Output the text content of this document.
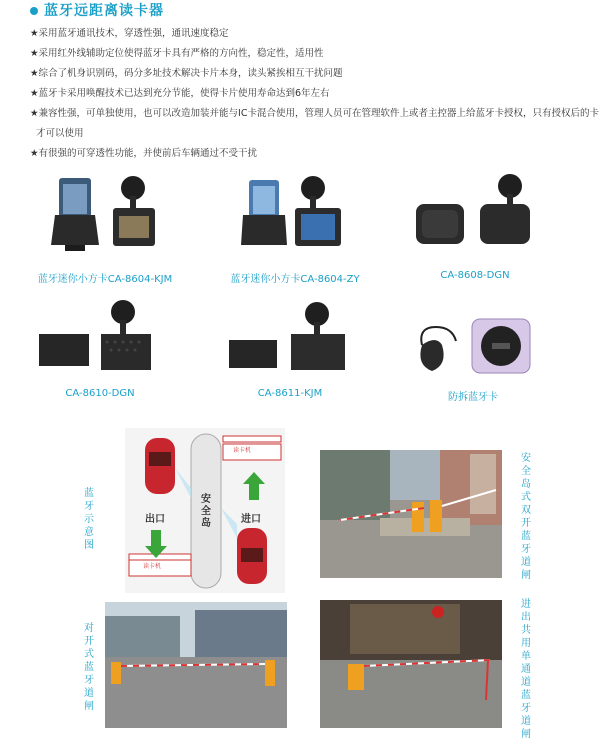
蓝牙远距离读卡器
★采用蓝牙通讯技术，穿透性强，通讯速度稳定
★采用红外线辅助定位使得蓝牙卡具有严格的方向性，稳定性，适用性
★综合了机身识别码，码分多址技术解决卡片本身，读头紧挨相互干扰问题
★蓝牙卡采用唤醒技术已达到充分节能，使得卡片使用寿命达到6年左右
★兼容性强，可单独使用，也可以改造加装并能与IC卡混合使用，管理人员可在管理软件上或者主控器上给蓝牙卡授权，只有授权后的卡
才可以使用
★有很强的可穿透性功能，并使前后车辆通过不受干扰
蓝牙迷你小方卡CA-8604-KJM	蓝牙迷你小方卡CA-8604-ZY	CA-8608-DGN
CA-8610-DGN	CA-8611-KJM	防拆蓝牙卡
蓝牙示意图
安全岛
出口	进口
读卡机
读卡机
安全岛式双开蓝牙道闸
对开式蓝牙道闸
进出共用单通道蓝牙道闸
